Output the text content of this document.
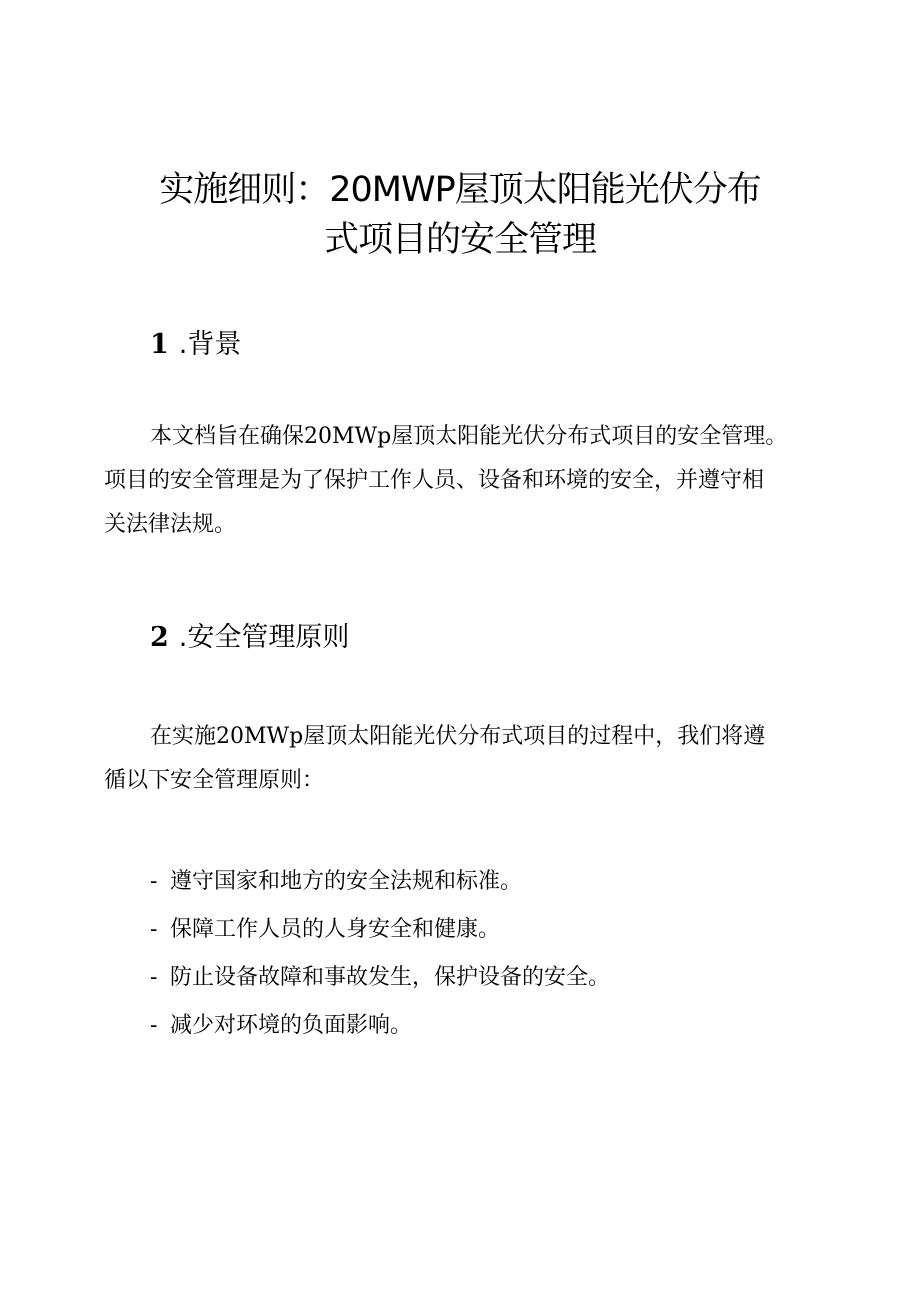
实施细则：20MWP屋顶太阳能光伏分布
式项目的安全管理
1 .背景

本文档旨在确保20MWp屋顶太阳能光伏分布式项目的安全管理。
项目的安全管理是为了保护工作人员、设备和环境的安全，并遵守相
关法律法规。

2 .安全管理原则

在实施20MWp屋顶太阳能光伏分布式项目的过程中，我们将遵
循以下安全管理原则：

- 遵守国家和地方的安全法规和标准。
- 保障工作人员的人身安全和健康。
- 防止设备故障和事故发生，保护设备的安全。
- 减少对环境的负面影响。
